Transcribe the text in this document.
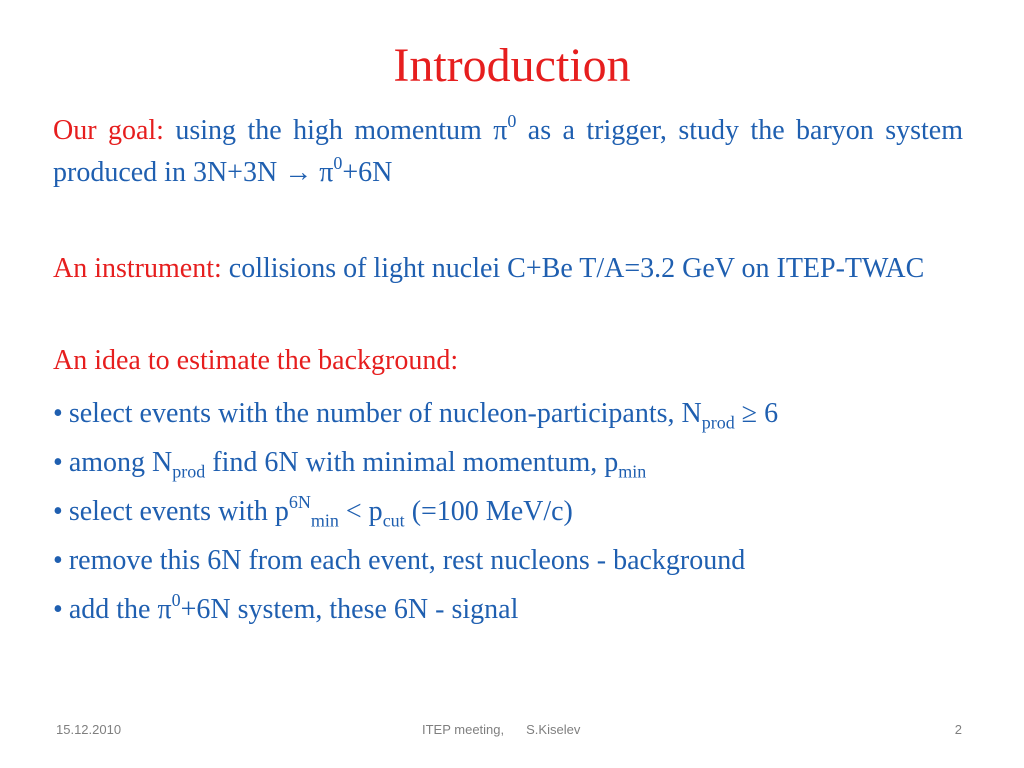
Introduction

Our goal: using the high momentum $\pi^0$ as a trigger, study the baryon system produced in $3N+3N \to \pi^0+6N$

An instrument: collisions of light nuclei C+Be T/A=3.2 GeV on ITEP-TWAC

An idea to estimate the background:
• select events with the number of nucleon-participants, $N_{prod} \ge 6$
• among $N_{prod}$ find 6N with minimal momentum, $p_{min}$
• select events with $p^{6N}_{min} < p_{cut}$ (=100 MeV/c)
• remove this 6N from each event, rest nucleons - background
• add the $\pi^0+6N$ system, these 6N - signal
15.12.2010	ITEP meeting, S.Kiselev	2
